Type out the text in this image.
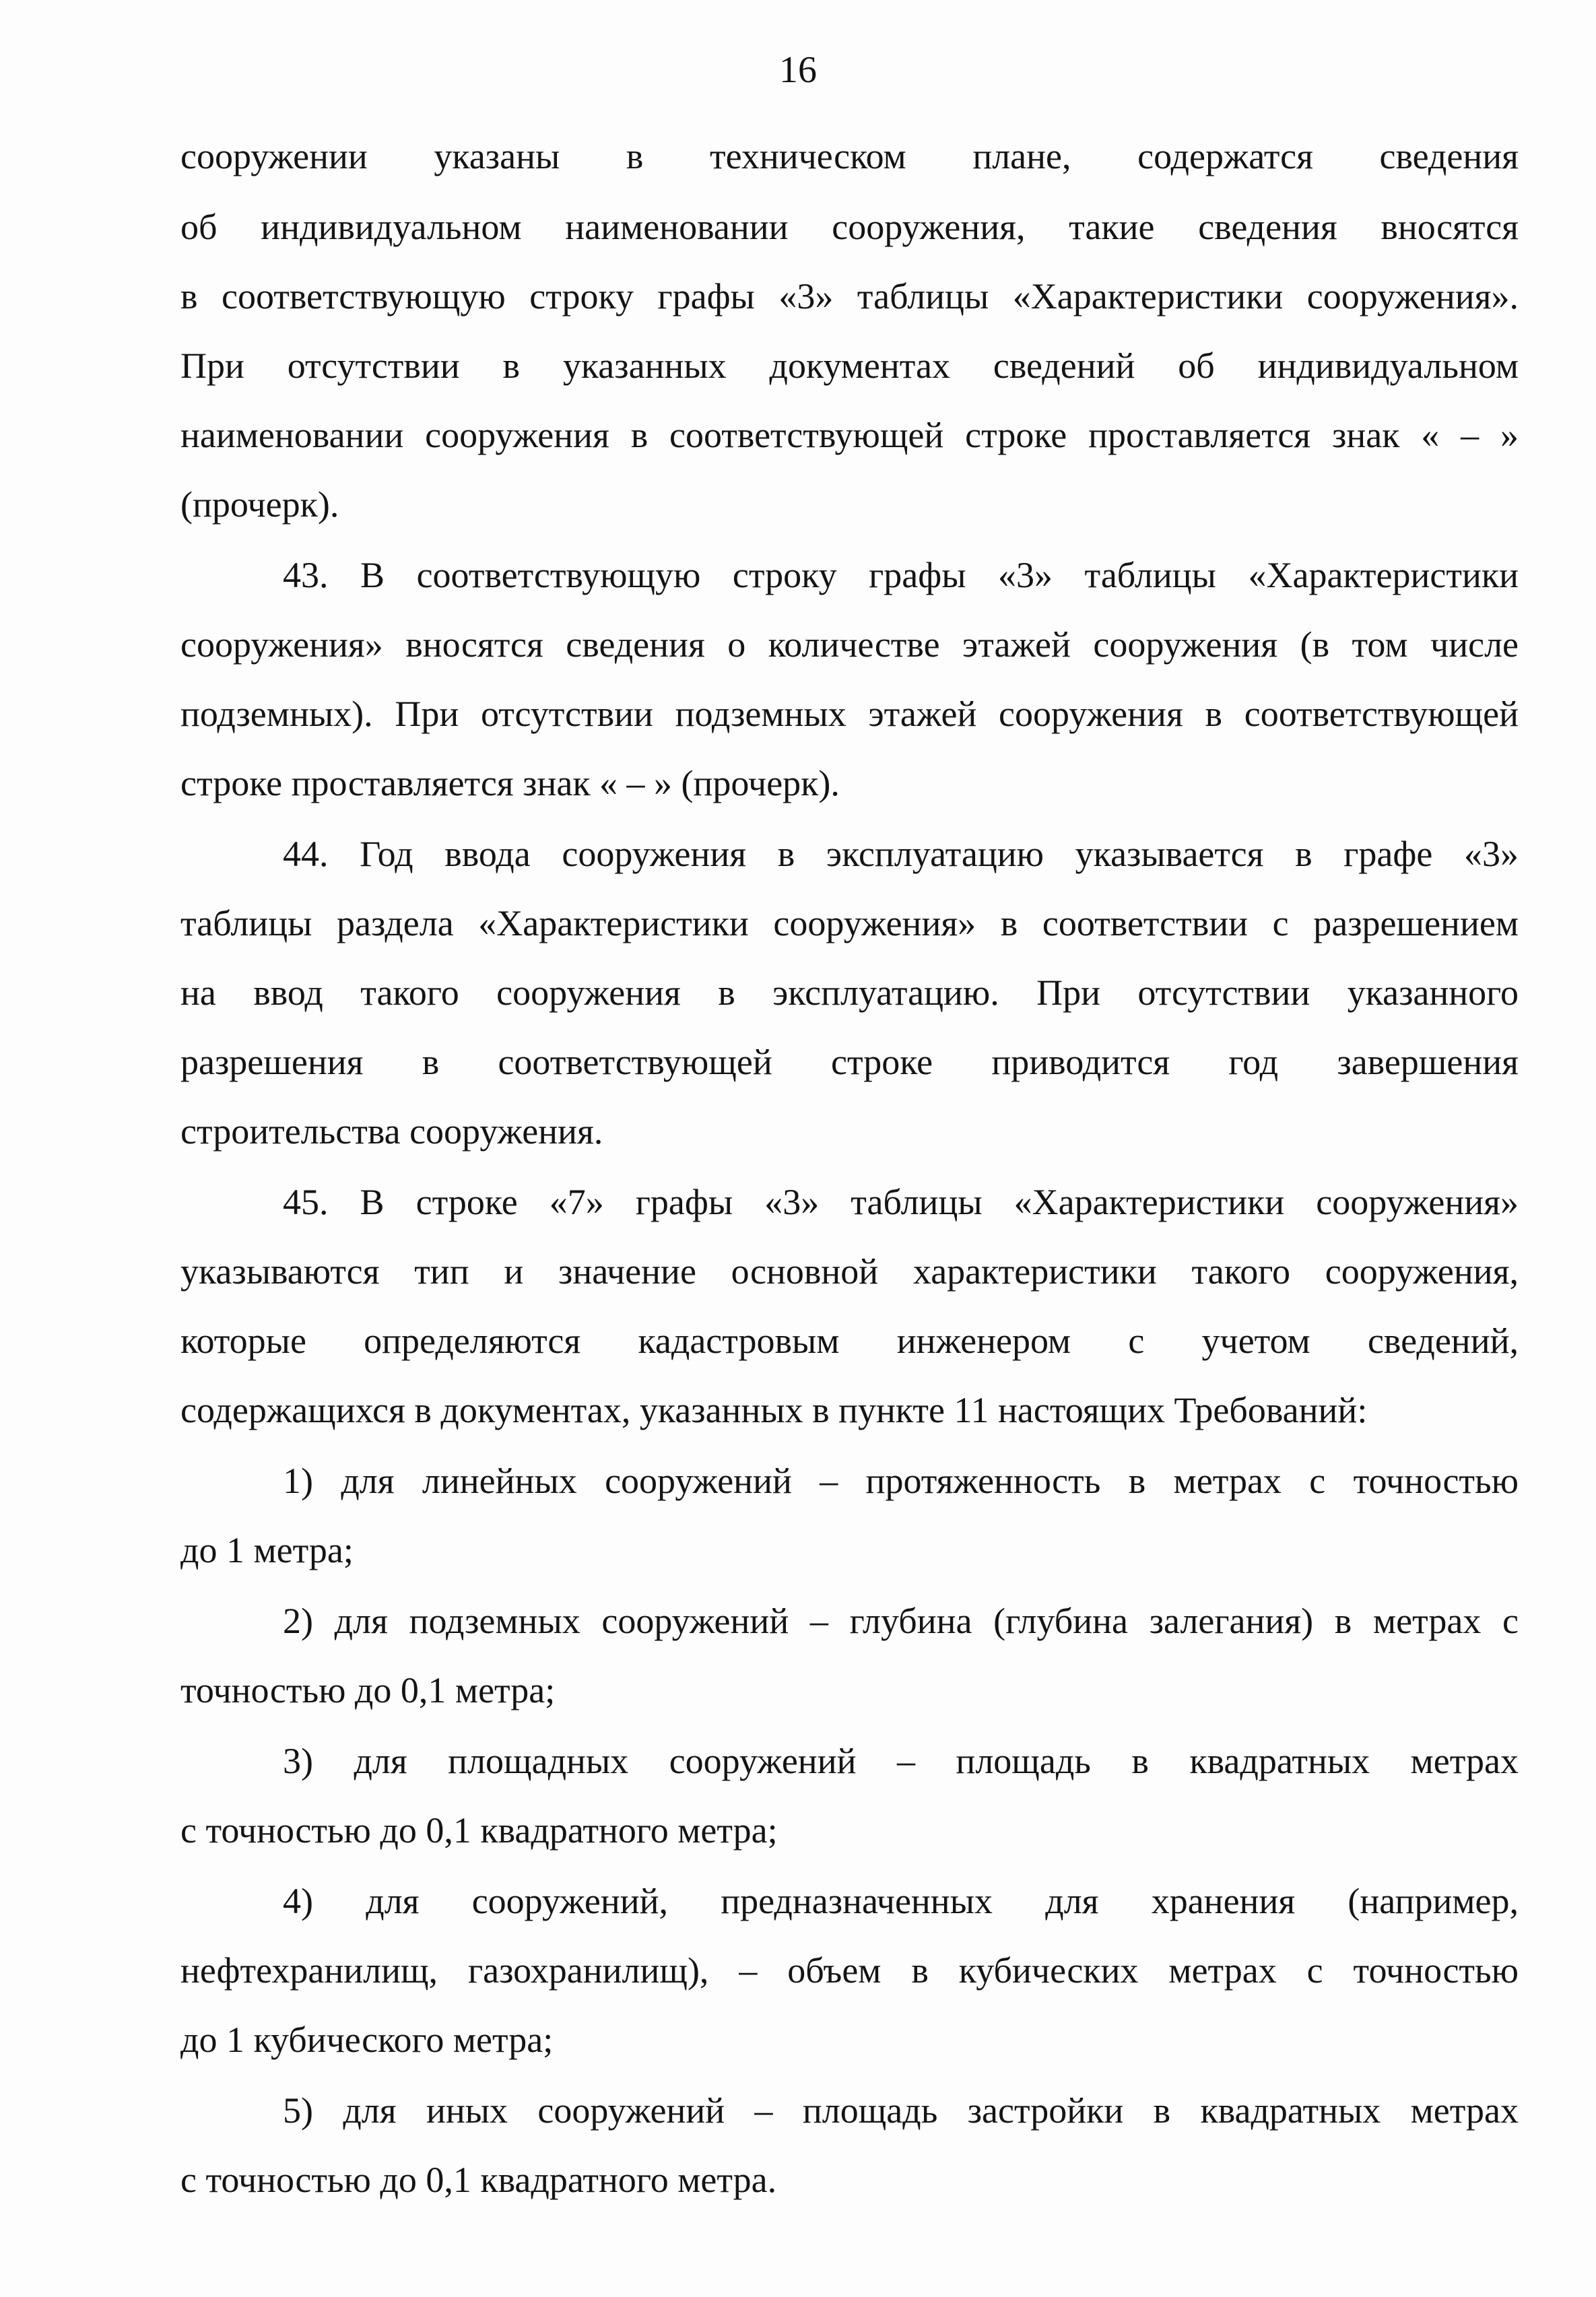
16
сооружении указаны в техническом плане, содержатся сведения
об индивидуальном наименовании сооружения, такие сведения вносятся
в соответствующую строку графы «3» таблицы «Характеристики сооружения».
При отсутствии в указанных документах сведений об индивидуальном
наименовании сооружения в соответствующей строке проставляется знак « – »
(прочерк).
43. В соответствующую строку графы «3» таблицы «Характеристики
сооружения» вносятся сведения о количестве этажей сооружения (в том числе
подземных). При отсутствии подземных этажей сооружения в соответствующей
строке проставляется знак « – » (прочерк).
44. Год ввода сооружения в эксплуатацию указывается в графе «3»
таблицы раздела «Характеристики сооружения» в соответствии с разрешением
на ввод такого сооружения в эксплуатацию. При отсутствии указанного
разрешения в соответствующей строке приводится год завершения
строительства сооружения.
45. В строке «7» графы «3» таблицы «Характеристики сооружения»
указываются тип и значение основной характеристики такого сооружения,
которые определяются кадастровым инженером с учетом сведений,
содержащихся в документах, указанных в пункте 11 настоящих Требований:
1) для линейных сооружений – протяженность в метрах с точностью
до 1 метра;
2) для подземных сооружений – глубина (глубина залегания) в метрах с
точностью до 0,1 метра;
3) для площадных сооружений – площадь в квадратных метрах
с точностью до 0,1 квадратного метра;
4) для сооружений, предназначенных для хранения (например,
нефтехранилищ, газохранилищ), – объем в кубических метрах с точностью
до 1 кубического метра;
5) для иных сооружений – площадь застройки в квадратных метрах
с точностью до 0,1 квадратного метра.
